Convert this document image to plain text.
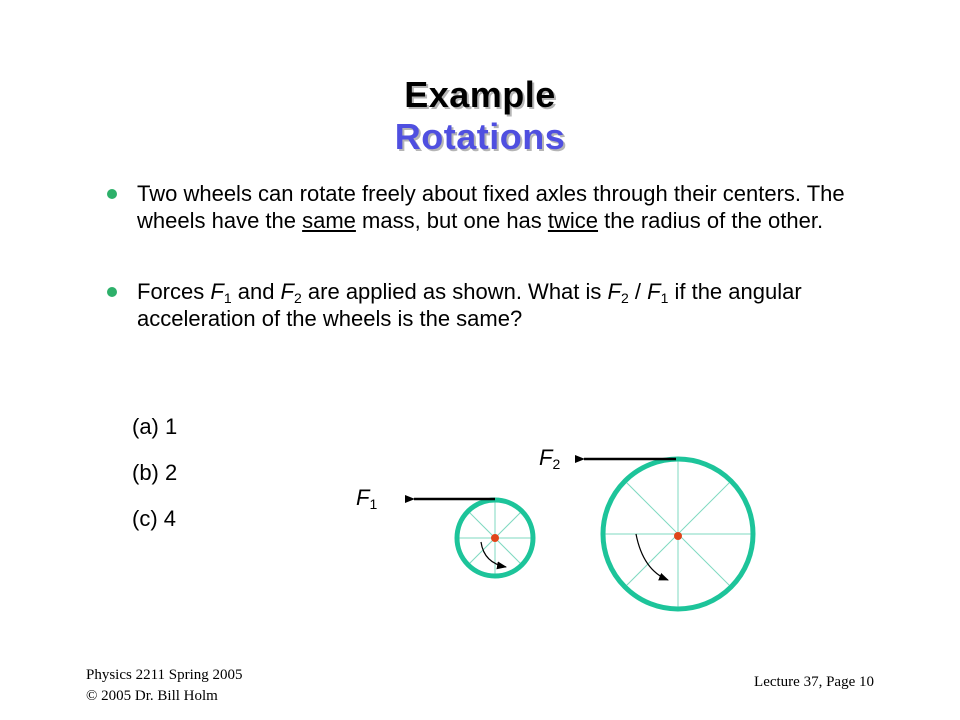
Example
Rotations
Two wheels can rotate freely about fixed axles through their centers. The wheels have the same mass, but one has twice the radius of the other.
Forces $F_1$ and $F_2$ are applied as shown. What is $F_2 / F_1$ if the angular acceleration of the wheels is the same?
(a) 1
(b) 2
(c) 4
$F_1$
$F_2$
Physics 2211 Spring 2005
© 2005 Dr. Bill Holm
Lecture 37, Page 10
